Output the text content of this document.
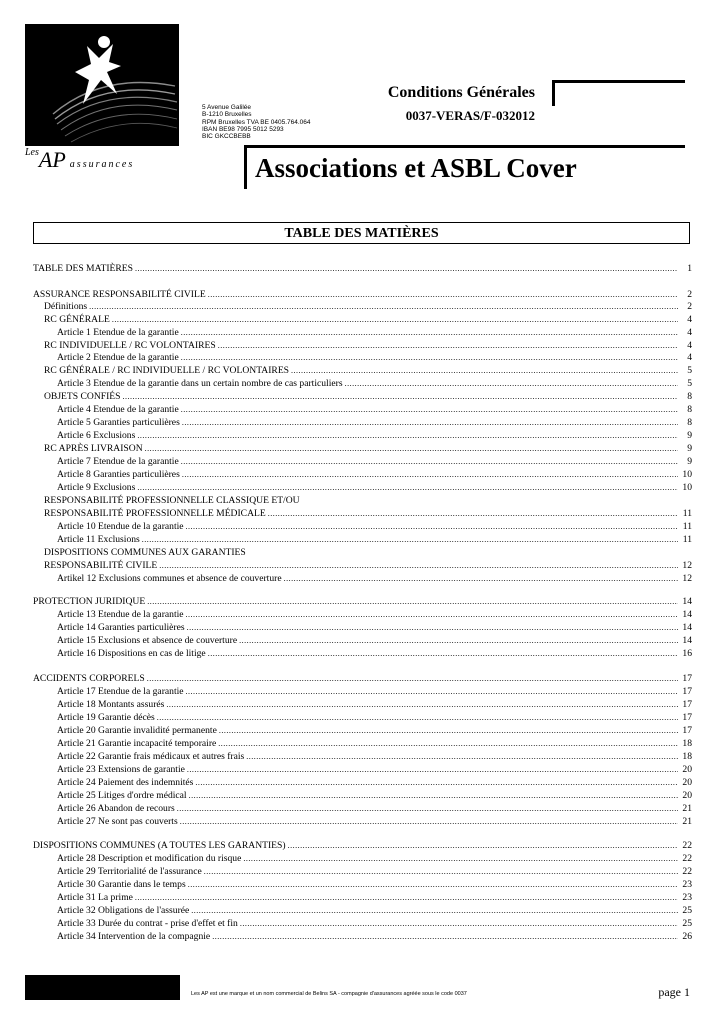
$^{Les}$AP assurances
5 Avenue Galilée
B-1210 Bruxelles
RPM Bruxelles TVA BE 0405.764.064
IBAN BE98 7995 5012 5293
BIC GKCCBEBB
Conditions Générales
0037-VERAS/F-032012
Associations et ASBL Cover
TABLE DES MATIÈRES
TABLE DES MATIÈRES .....	1
ASSURANCE RESPONSABILITÉ CIVILE .....	2
Définitions .....	2
RC GÉNÉRALE .....	4
Article 1 Etendue de la garantie .....	4
RC INDIVIDUELLE / RC VOLONTAIRES .....	4
Article 2 Etendue de la garantie .....	4
RC GÉNÉRALE / RC INDIVIDUELLE / RC VOLONTAIRES .....	5
Article 3 Etendue de la garantie dans un certain nombre de cas particuliers .....	5
OBJETS CONFIÉS .....	8
Article 4 Etendue de la garantie .....	8
Article 5 Garanties particulières .....	8
Article 6 Exclusions .....	9
RC APRÈS LIVRAISON .....	9
Article 7 Etendue de la garantie .....	9
Article 8 Garanties particulières .....	10
Article 9 Exclusions .....	10
RESPONSABILITÉ PROFESSIONNELLE CLASSIQUE ET/OU
RESPONSABILITÉ PROFESSIONNELLE MÉDICALE .....	11
Article 10 Etendue de la garantie .....	11
Article 11 Exclusions .....	11
DISPOSITIONS COMMUNES AUX GARANTIES
RESPONSABILITÉ CIVILE .....	12
Artikel 12 Exclusions communes et absence de couverture .....	12
PROTECTION JURIDIQUE .....	14
Article 13 Etendue de la garantie .....	14
Article 14 Garanties particulières .....	14
Article 15 Exclusions et absence de couverture .....	14
Article 16 Dispositions en cas de litige .....	16
ACCIDENTS CORPORELS .....	17
Article 17 Etendue de la garantie .....	17
Article 18 Montants assurés .....	17
Article 19 Garantie décès .....	17
Article 20 Garantie invalidité permanente .....	17
Article 21 Garantie incapacité temporaire .....	18
Article 22 Garantie frais médicaux et autres frais .....	18
Article 23 Extensions de garantie .....	20
Article 24 Paiement des indemnités .....	20
Article 25 Litiges d'ordre médical .....	20
Article 26 Abandon de recours .....	21
Article 27 Ne sont pas couverts .....	21
DISPOSITIONS COMMUNES (A TOUTES LES GARANTIES) .....	22
Article 28 Description et modification du risque .....	22
Article 29 Territorialité de l'assurance .....	22
Article 30 Garantie dans le temps .....	23
Article 31 La prime .....	23
Article 32 Obligations de l'assurée .....	25
Article 33 Durée du contrat - prise d'effet et fin .....	25
Article 34 Intervention de la compagnie .....	26
Les AP est une marque et un nom commercial de Belins SA - compagnie d'assurances agréée sous le code 0037	page 1
